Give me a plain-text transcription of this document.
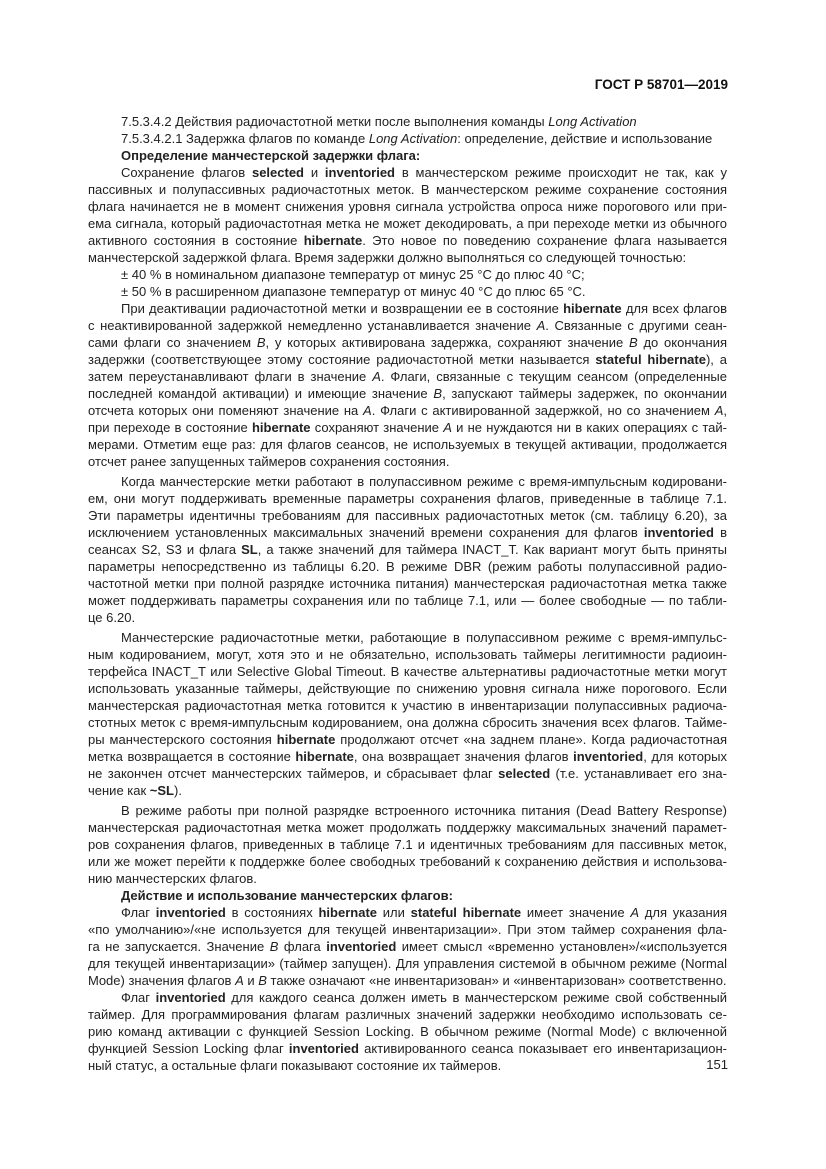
ГОСТ Р 58701—2019
7.5.3.4.2 Действия радиочастотной метки после выполнения команды Long Activation
7.5.3.4.2.1 Задержка флагов по команде Long Activation: определение, действие и использование
Определение манчестерской задержки флага:
Сохранение флагов selected и inventoried в манчестерском режиме происходит не так, как у
пассивных и полупассивных радиочастотных меток. В манчестерском режиме сохранение состояния
флага начинается не в момент снижения уровня сигнала устройства опроса ниже порогового или при-
ема сигнала, который радиочастотная метка не может декодировать, а при переходе метки из обычного
активного состояния в состояние hibernate. Это новое по поведению сохранение флага называется
манчестерской задержкой флага. Время задержки должно выполняться со следующей точностью:
± 40 % в номинальном диапазоне температур от минус 25 °С до плюс 40 °С;
± 50 % в расширенном диапазоне температур от минус 40 °С до плюс 65 °С.
При деактивации радиочастотной метки и возвращении ее в состояние hibernate для всех флагов
с неактивированной задержкой немедленно устанавливается значение A. Связанные с другими сеан-
сами флаги со значением B, у которых активирована задержка, сохраняют значение B до окончания
задержки (соответствующее этому состояние радиочастотной метки называется stateful hibernate), а
затем переустанавливают флаги в значение A. Флаги, связанные с текущим сеансом (определенные
последней командой активации) и имеющие значение B, запускают таймеры задержек, по окончании
отсчета которых они поменяют значение на A. Флаги с активированной задержкой, но со значением A,
при переходе в состояние hibernate сохраняют значение A и не нуждаются ни в каких операциях с тай-
мерами. Отметим еще раз: для флагов сеансов, не используемых в текущей активации, продолжается
отсчет ранее запущенных таймеров сохранения состояния.
Когда манчестерские метки работают в полупассивном режиме с время-импульсным кодировани-
ем, они могут поддерживать временные параметры сохранения флагов, приведенные в таблице 7.1.
Эти параметры идентичны требованиям для пассивных радиочастотных меток (см. таблицу 6.20), за
исключением установленных максимальных значений времени сохранения для флагов inventoried в
сеансах S2, S3 и флага SL, а также значений для таймера INACT_T. Как вариант могут быть приняты
параметры непосредственно из таблицы 6.20. В режиме DBR (режим работы полупассивной радио-
частотной метки при полной разрядке источника питания) манчестерская радиочастотная метка также
может поддерживать параметры сохранения или по таблице 7.1, или — более свободные — по табли-
це 6.20.
Манчестерские радиочастотные метки, работающие в полупассивном режиме с время-импульс-
ным кодированием, могут, хотя это и не обязательно, использовать таймеры легитимности радиоин-
терфейса INACT_T или Selective Global Timeout. В качестве альтернативы радиочастотные метки могут
использовать указанные таймеры, действующие по снижению уровня сигнала ниже порогового. Если
манчестерская радиочастотная метка готовится к участию в инвентаризации полупассивных радиоча-
стотных меток с время-импульсным кодированием, она должна сбросить значения всех флагов. Тайме-
ры манчестерского состояния hibernate продолжают отсчет «на заднем плане». Когда радиочастотная
метка возвращается в состояние hibernate, она возвращает значения флагов inventoried, для которых
не закончен отсчет манчестерских таймеров, и сбрасывает флаг selected (т.е. устанавливает его зна-
чение как ~SL).
В режиме работы при полной разрядке встроенного источника питания (Dead Battery Response)
манчестерская радиочастотная метка может продолжать поддержку максимальных значений парамет-
ров сохранения флагов, приведенных в таблице 7.1 и идентичных требованиям для пассивных меток,
или же может перейти к поддержке более свободных требований к сохранению действия и использова-
нию манчестерских флагов.
Действие и использование манчестерских флагов:
Флаг inventoried в состояниях hibernate или stateful hibernate имеет значение A для указания
«по умолчанию»/«не используется для текущей инвентаризации». При этом таймер сохранения фла-
га не запускается. Значение B флага inventoried имеет смысл «временно установлен»/«используется
для текущей инвентаризации» (таймер запущен). Для управления системой в обычном режиме (Normal
Mode) значения флагов A и B также означают «не инвентаризован» и «инвентаризован» соответственно.
Флаг inventoried для каждого сеанса должен иметь в манчестерском режиме свой собственный
таймер. Для программирования флагам различных значений задержки необходимо использовать се-
рию команд активации с функцией Session Locking. В обычном режиме (Normal Mode) с включенной
функцией Session Locking флаг inventoried активированного сеанса показывает его инвентаризацион-
ный статус, а остальные флаги показывают состояние их таймеров.	151
